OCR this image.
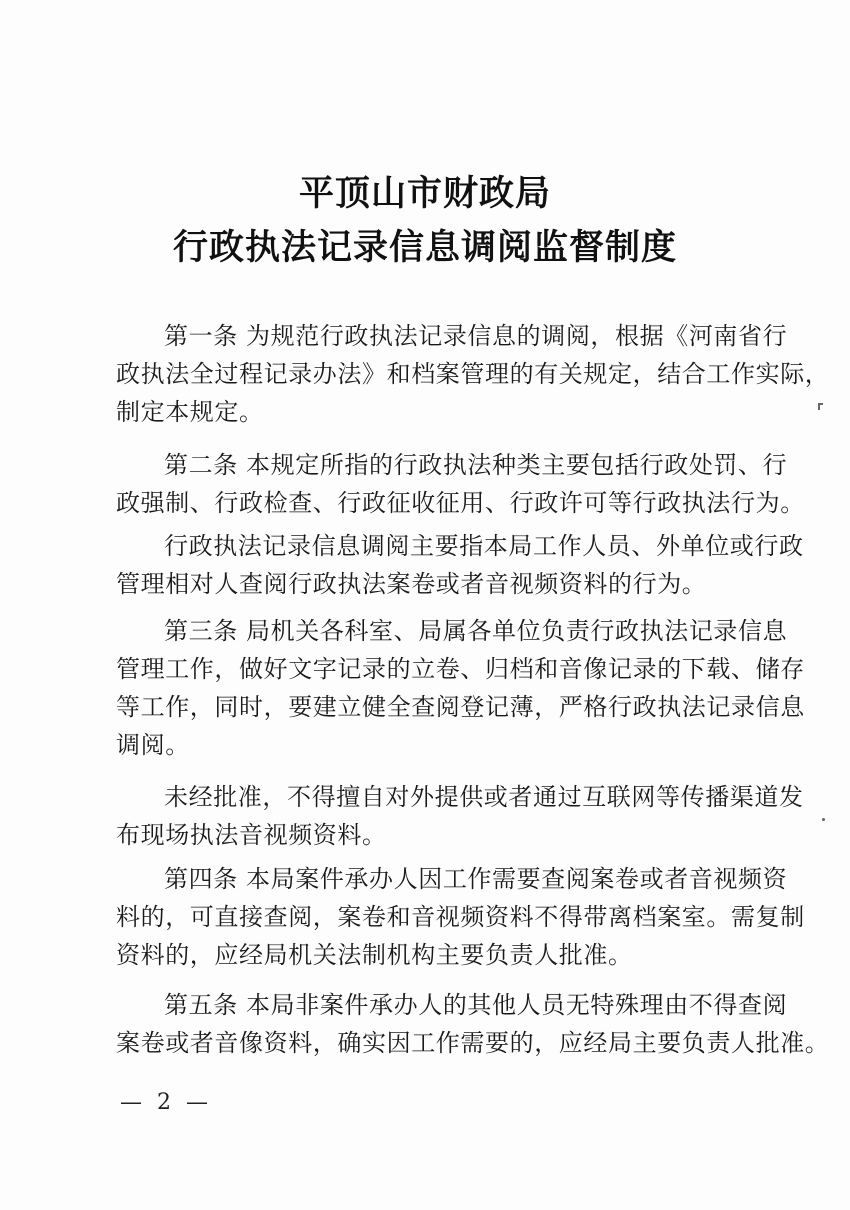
平顶山市财政局
行政执法记录信息调阅监督制度
第一条 为规范行政执法记录信息的调阅，根据《河南省行
政执法全过程记录办法》和档案管理的有关规定，结合工作实际，
制定本规定。
第二条 本规定所指的行政执法种类主要包括行政处罚、行
政强制、行政检查、行政征收征用、行政许可等行政执法行为。
行政执法记录信息调阅主要指本局工作人员、外单位或行政
管理相对人查阅行政执法案卷或者音视频资料的行为。
第三条 局机关各科室、局属各单位负责行政执法记录信息
管理工作，做好文字记录的立卷、归档和音像记录的下载、储存
等工作，同时，要建立健全查阅登记薄，严格行政执法记录信息
调阅。
未经批准，不得擅自对外提供或者通过互联网等传播渠道发
布现场执法音视频资料。
第四条 本局案件承办人因工作需要查阅案卷或者音视频资
料的，可直接查阅，案卷和音视频资料不得带离档案室。需复制
资料的，应经局机关法制机构主要负责人批准。
第五条 本局非案件承办人的其他人员无特殊理由不得查阅
案卷或者音像资料，确实因工作需要的，应经局主要负责人批准。
— 2 —
